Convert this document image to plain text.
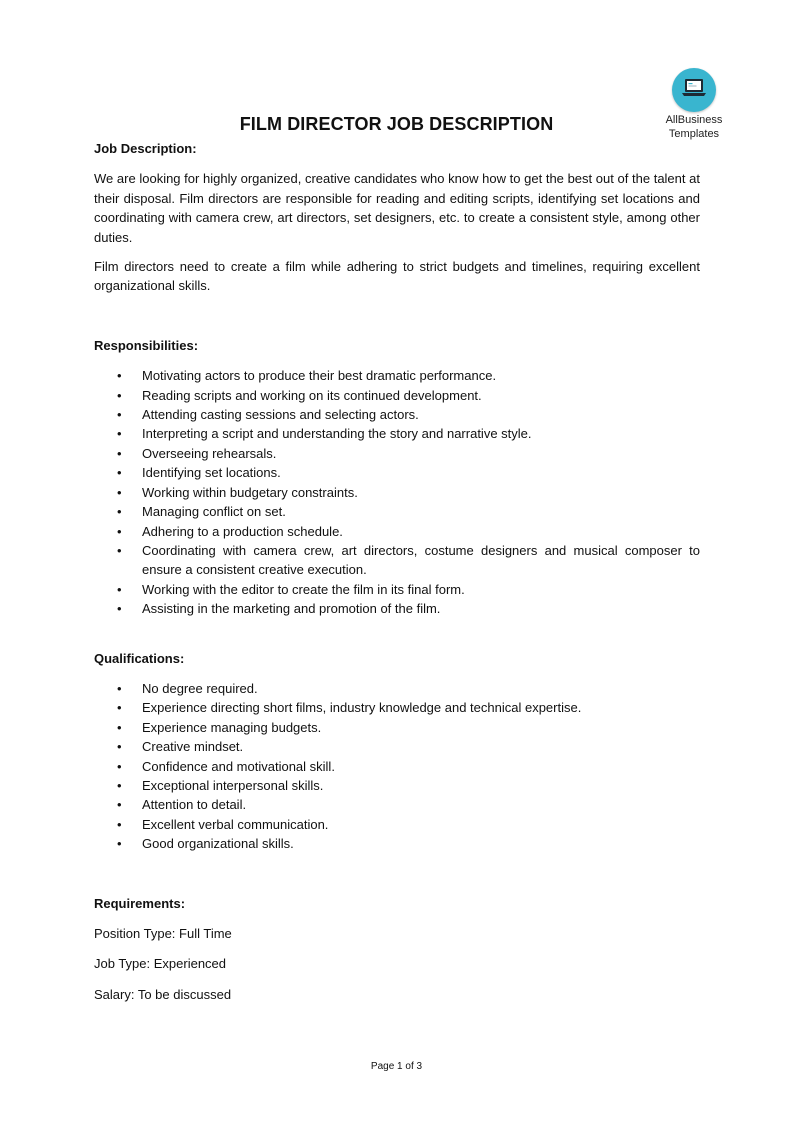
AllBusiness
Templates
FILM DIRECTOR JOB DESCRIPTION
Job Description:

We are looking for highly organized, creative candidates who know how to get the best out of the talent at their disposal. Film directors are responsible for reading and editing scripts, identifying set locations and coordinating with camera crew, art directors, set designers, etc. to create a consistent style, among other duties.

Film directors need to create a film while adhering to strict budgets and timelines, requiring excellent organizational skills.

Responsibilities:
• Motivating actors to produce their best dramatic performance.
• Reading scripts and working on its continued development.
• Attending casting sessions and selecting actors.
• Interpreting a script and understanding the story and narrative style.
• Overseeing rehearsals.
• Identifying set locations.
• Working within budgetary constraints.
• Managing conflict on set.
• Adhering to a production schedule.
• Coordinating with camera crew, art directors, costume designers and musical composer to ensure a consistent creative execution.
• Working with the editor to create the film in its final form.
• Assisting in the marketing and promotion of the film.
Qualifications:
• No degree required.
• Experience directing short films, industry knowledge and technical expertise.
• Experience managing budgets.
• Creative mindset.
• Confidence and motivational skill.
• Exceptional interpersonal skills.
• Attention to detail.
• Excellent verbal communication.
• Good organizational skills.
Requirements:

Position Type: Full Time

Job Type: Experienced

Salary: To be discussed

Page 1 of 3
